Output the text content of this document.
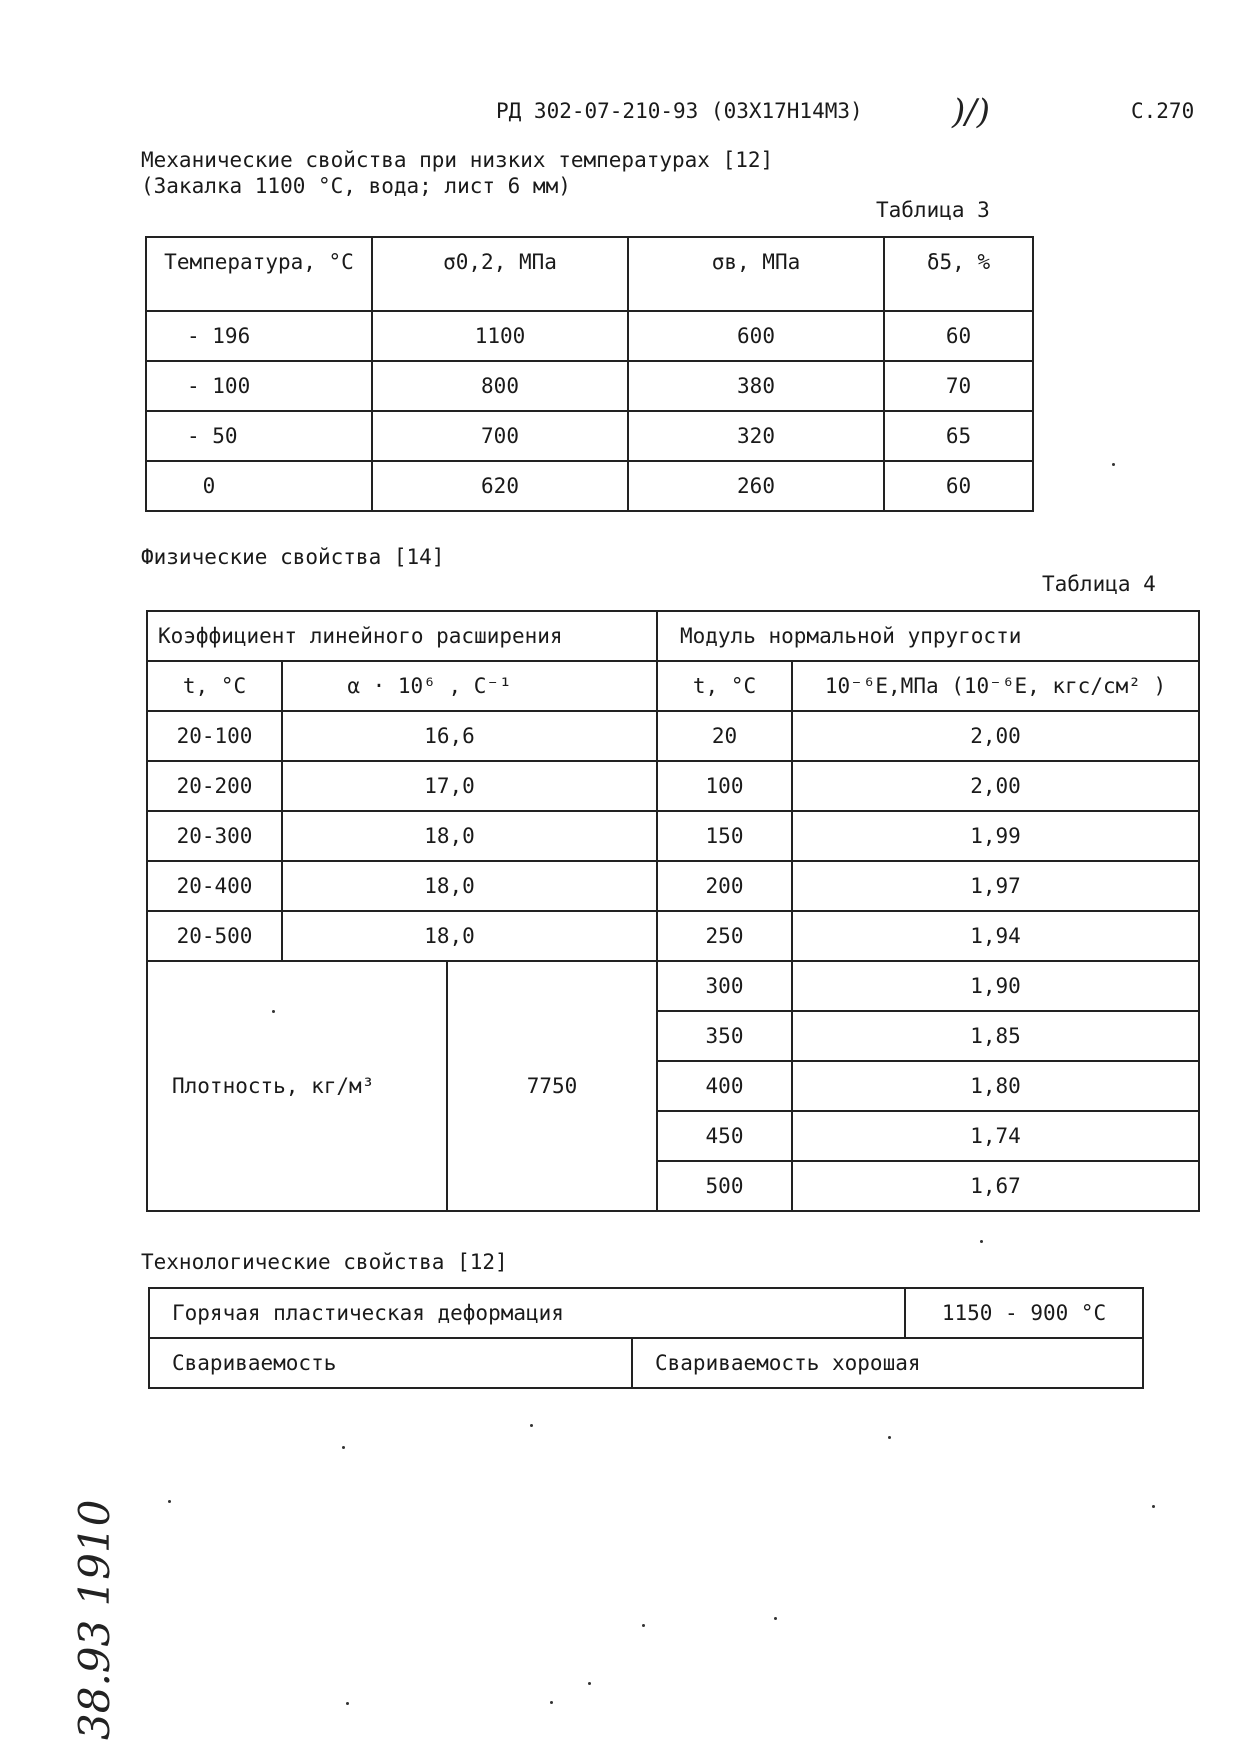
РД 302-07-210-93 (03Х17Н14М3)	)/)	С.270
Механические свойства при низких температурах [12]
(Закалка 1100 °С, вода; лист 6 мм)
Таблица 3
Температура, °С	σ0,2, МПа	σв, МПа	δ5, %
- 196	1100	600	60
- 100	800	380	70
- 50	700	320	65
0	620	260	60
Физические свойства [14]
Таблица 4
Коэффициент линейного расширения			Модуль нормальной упругости	
t, °С	α · 10⁶ , С⁻¹		t, °С	10⁻⁶Е,МПа (10⁻⁶Е, кгс/см² )
20-100	16,6		20	2,00
20-200	17,0		100	2,00
20-300	18,0		150	1,99
20-400	18,0		200	1,97
20-500	18,0		250	1,94
Плотность, кг/м³		7750	300	1,90
			350	1,85
			400	1,80
			450	1,74
			500	1,67
Технологические свойства [12]
Горячая пластическая деформация		1150 - 900 °С
Свариваемость	Свариваемость хорошая	
38.93 1910
